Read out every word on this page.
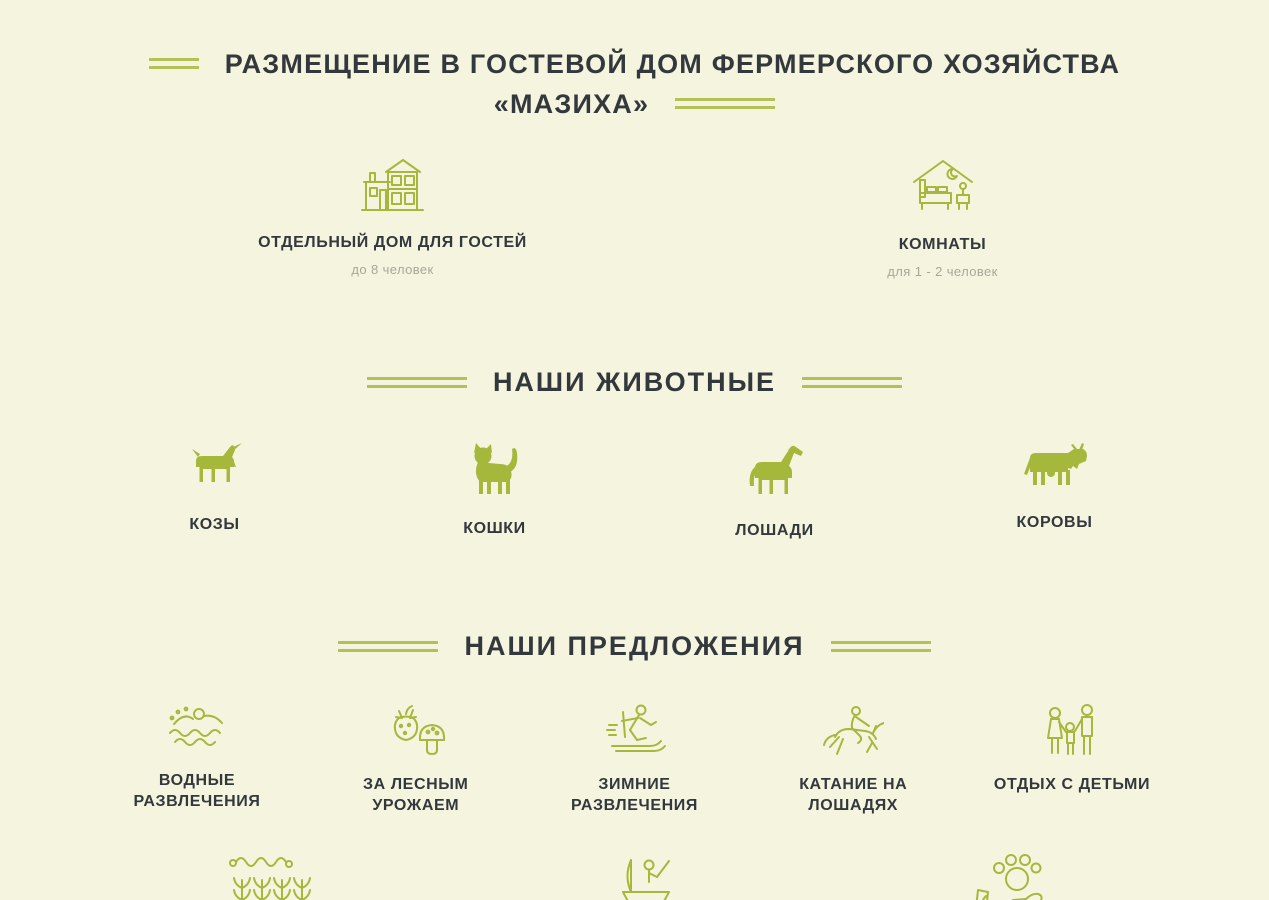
РАЗМЕЩЕНИЕ В ГОСТЕВОЙ ДОМ ФЕРМЕРСКОГО ХОЗЯЙСТВА
«МАЗИХА»
ОТДЕЛЬНЫЙ ДОМ ДЛЯ ГОСТЕЙ
до 8 человек
КОМНАТЫ
для 1 - 2 человек
НАШИ ЖИВОТНЫЕ
КОЗЫ	КОШКИ	ЛОШАДИ	КОРОВЫ
НАШИ ПРЕДЛОЖЕНИЯ
ВОДНЫЕ РАЗВЛЕЧЕНИЯ
ЗА ЛЕСНЫМ УРОЖАЕМ
ЗИМНИЕ РАЗВЛЕЧЕНИЯ
КАТАНИЕ НА ЛОШАДЯХ
ОТДЫХ С ДЕТЬМИ
